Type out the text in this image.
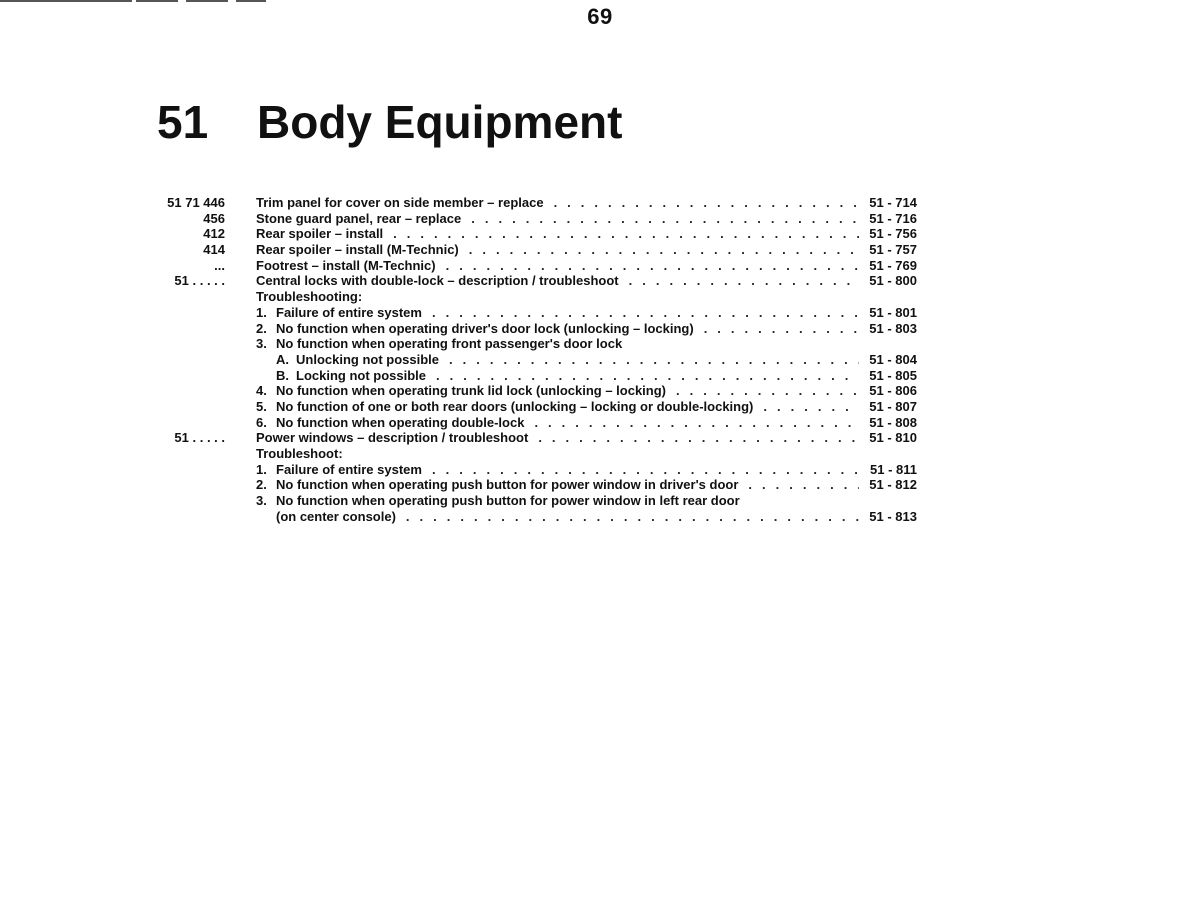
69
51 Body Equipment
51 71 446 Trim panel for cover on side member – replace . . .	51 - 714
456 Stone guard panel, rear – replace . . .	51 - 716
412 Rear spoiler – install . . .	51 - 756
414 Rear spoiler – install (M-Technic) . . .	51 - 757
... Footrest – install (M-Technic) . . .	51 - 769
51 . . . . . Central locks with double-lock – description / troubleshoot . . .	51 - 800
Troubleshooting:
1. Failure of entire system . . .	51 - 801
2. No function when operating driver's door lock (unlocking – locking) . . .	51 - 803
3. No function when operating front passenger's door lock
A. Unlocking not possible . . .	51 - 804
B. Locking not possible . . .	51 - 805
4. No function when operating trunk lid lock (unlocking – locking) . . .	51 - 806
5. No function of one or both rear doors (unlocking – locking or double-locking) . . .	51 - 807
6. No function when operating double-lock . . .	51 - 808
51 . . . . . Power windows – description / troubleshoot . . .	51 - 810
Troubleshoot:
1. Failure of entire system . . .	51 - 811
2. No function when operating push button for power window in driver's door . . .	51 - 812
3. No function when operating push button for power window in left rear door
(on center console) . . .	51 - 813
